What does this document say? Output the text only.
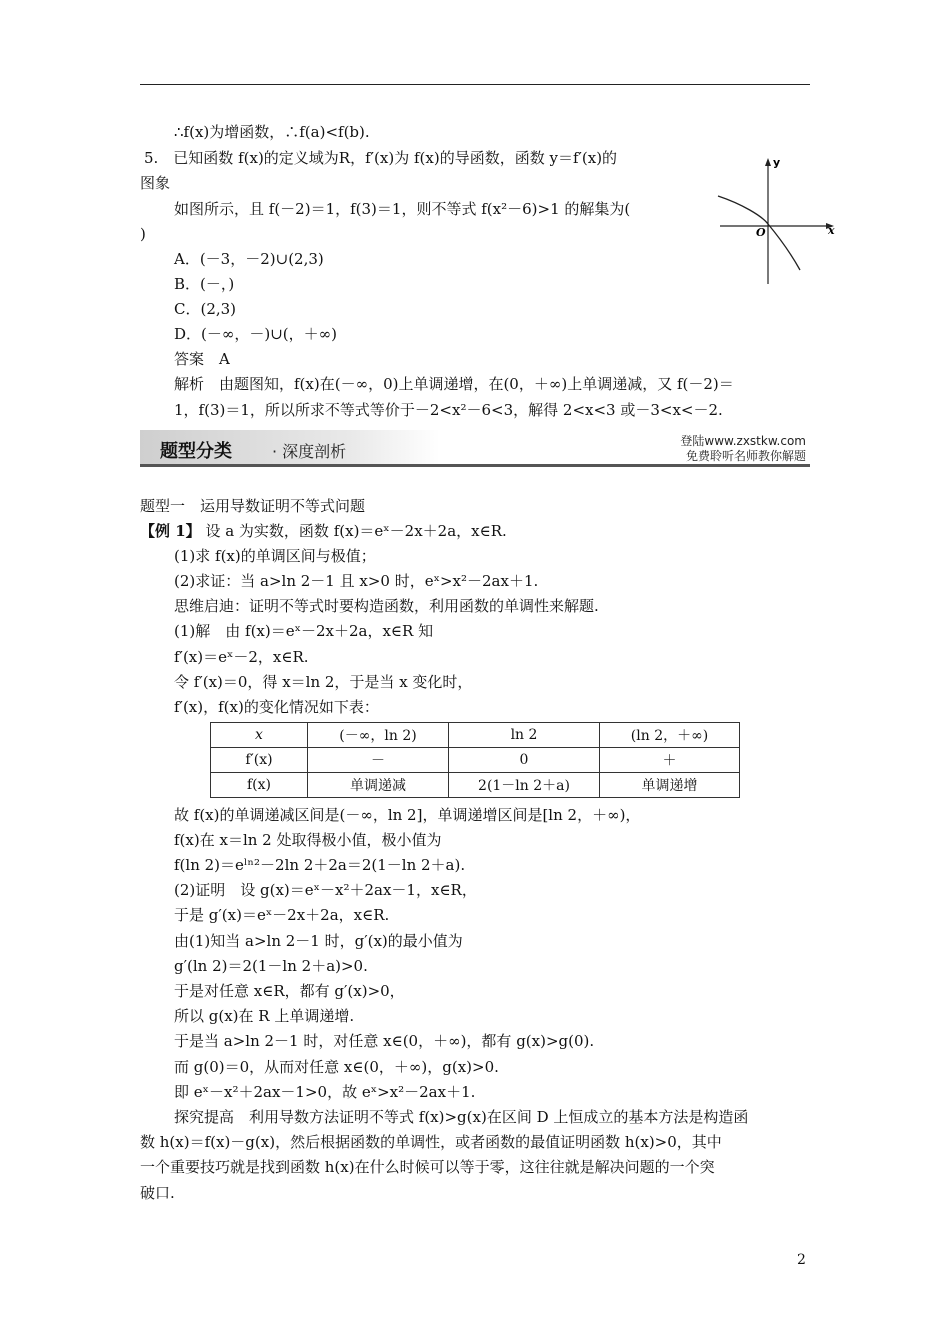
∴f(x)为增函数，∴f(a)<f(b).
5.　已知函数 f(x)的定义域为R，f′(x)为 f(x)的导函数，函数 y＝f′(x)的
图象
如图所示，且 f(－2)＝1，f(3)＝1，则不等式 f(x²－6)>1 的解集为(
)
A．(－3，－2)∪(2,3)
B．(－，)
C．(2,3)
D．(－∞，－)∪(，＋∞)
答案　A
解析　由题图知，f(x)在(－∞，0)上单调递增，在(0，＋∞)上单调递减，又 f(－2)＝
1，f(3)＝1，所以所求不等式等价于－2<x²－6<3，解得 2<x<3 或－3<x<－2.
y
x
O
题型分类	· 深度剖析
登陆www.zxstkw.com
免费聆听名师教你解题
题型一　运用导数证明不等式问题
【例 1】 设 a 为实数，函数 f(x)＝eˣ－2x＋2a，x∈R.
(1)求 f(x)的单调区间与极值；
(2)求证：当 a>ln 2－1 且 x>0 时，eˣ>x²－2ax＋1.
思维启迪：证明不等式时要构造函数，利用函数的单调性来解题.
(1)解　由 f(x)＝eˣ－2x＋2a，x∈R 知
f′(x)＝eˣ－2，x∈R.
令 f′(x)＝0，得 x＝ln 2，于是当 x 变化时，
f′(x)，f(x)的变化情况如下表：
x	(－∞，ln 2)	ln 2	(ln 2，＋∞)
f′(x)	－	0	＋
f(x)	单调递减	2(1－ln 2＋a)	单调递增
故 f(x)的单调递减区间是(－∞，ln 2]，单调递增区间是[ln 2，＋∞)，
f(x)在 x＝ln 2 处取得极小值，极小值为
f(ln 2)＝eˡⁿ²－2ln 2＋2a＝2(1－ln 2＋a).
(2)证明　设 g(x)＝eˣ－x²＋2ax－1，x∈R，
于是 g′(x)＝eˣ－2x＋2a，x∈R.
由(1)知当 a>ln 2－1 时，g′(x)的最小值为
g′(ln 2)＝2(1－ln 2＋a)>0.
于是对任意 x∈R，都有 g′(x)>0，
所以 g(x)在 R 上单调递增.
于是当 a>ln 2－1 时，对任意 x∈(0，＋∞)，都有 g(x)>g(0).
而 g(0)＝0，从而对任意 x∈(0，＋∞)，g(x)>0.
即 eˣ－x²＋2ax－1>0，故 eˣ>x²－2ax＋1.
探究提高　利用导数方法证明不等式 f(x)>g(x)在区间 D 上恒成立的基本方法是构造函
数 h(x)＝f(x)－g(x)，然后根据函数的单调性，或者函数的最值证明函数 h(x)>0，其中
一个重要技巧就是找到函数 h(x)在什么时候可以等于零，这往往就是解决问题的一个突
破口.
2
